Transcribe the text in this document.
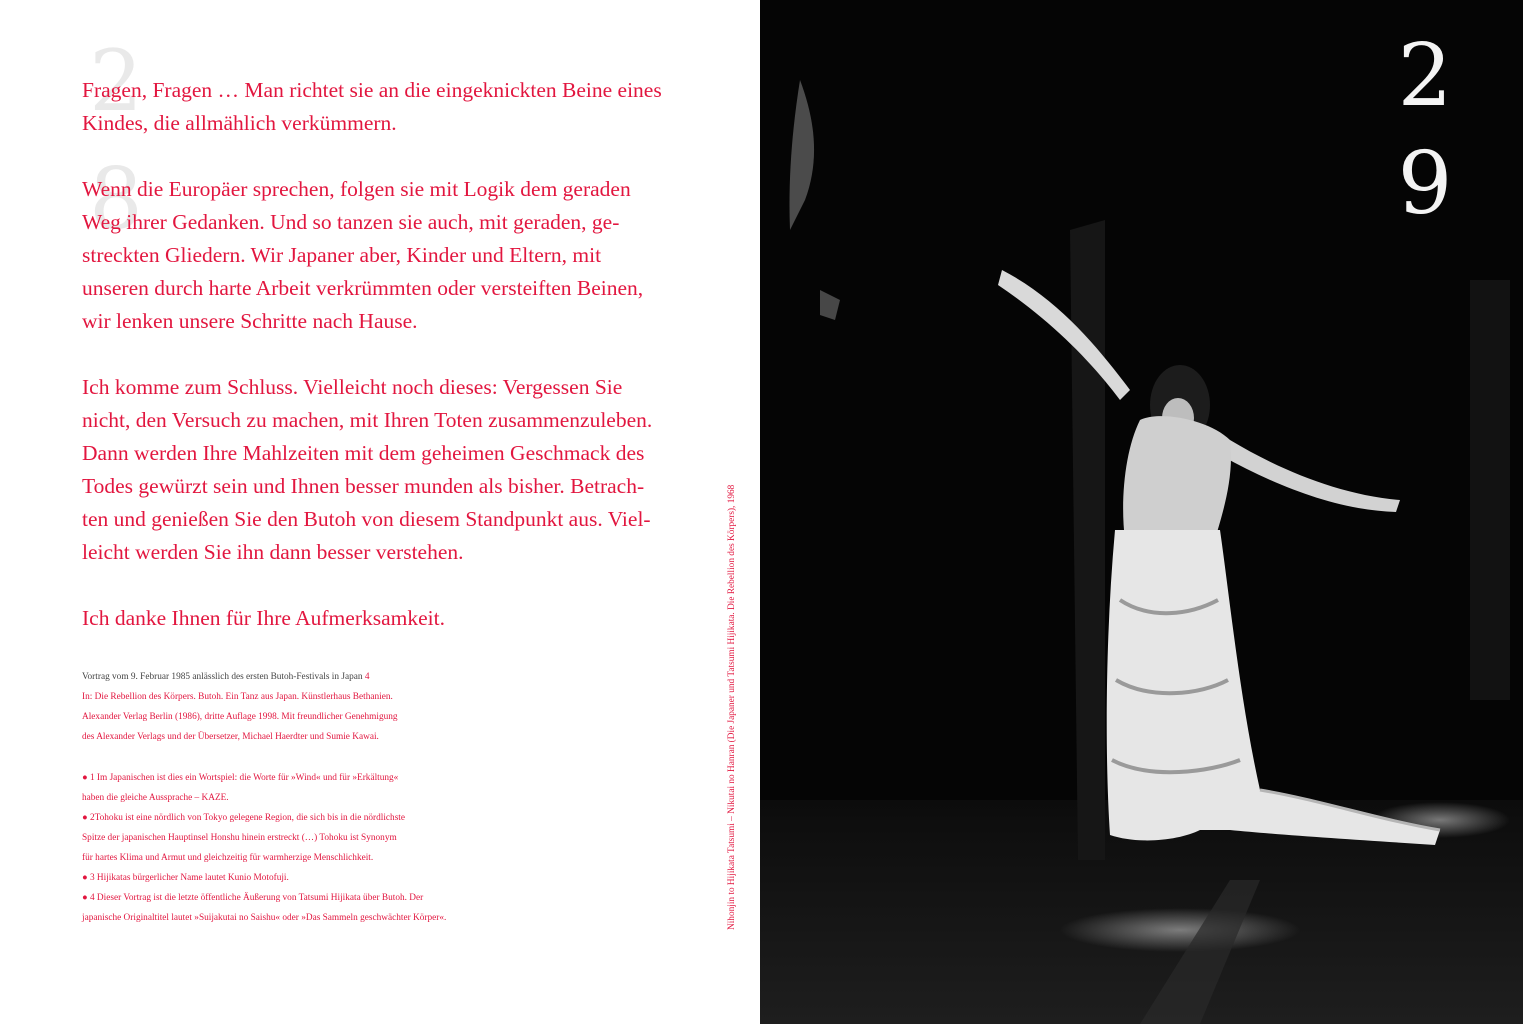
2
8

Fragen, Fragen … Man richtet sie an die eingeknickten Beine eines
Kindes, die allmählich verkümmern.

Wenn die Europäer sprechen, folgen sie mit Logik dem geraden
Weg ihrer Gedanken. Und so tanzen sie auch, mit geraden, ge-
streckten Gliedern. Wir Japaner aber, Kinder und Eltern, mit
unseren durch harte Arbeit verkrümmten oder versteiften Beinen,
wir lenken unsere Schritte nach Hause.

Ich komme zum Schluss. Vielleicht noch dieses: Vergessen Sie
nicht, den Versuch zu machen, mit Ihren Toten zusammenzuleben.
Dann werden Ihre Mahlzeiten mit dem geheimen Geschmack des
Todes gewürzt sein und Ihnen besser munden als bisher. Betrach-
ten und genießen Sie den Butoh von diesem Standpunkt aus. Viel-
leicht werden Sie ihn dann besser verstehen.

Ich danke Ihnen für Ihre Aufmerksamkeit.

Vortrag vom 9. Februar 1985 anlässlich des ersten Butoh-Festivals in Japan 4
In: Die Rebellion des Körpers. Butoh. Ein Tanz aus Japan. Künstlerhaus Bethanien.
Alexander Verlag Berlin (1986), dritte Auflage 1998. Mit freundlicher Genehmigung
des Alexander Verlags und der Übersetzer, Michael Haerdter und Sumie Kawai.
● 1 Im Japanischen ist dies ein Wortspiel: die Worte für »Wind« und für »Erkältung«
haben die gleiche Aussprache – KAZE.
● 2Tohoku ist eine nördlich von Tokyo gelegene Region, die sich bis in die nördlichste
Spitze der japanischen Hauptinsel Honshu hinein erstreckt (…) Tohoku ist Synonym
für hartes Klima und Armut und gleichzeitig für warmherzige Menschlichkeit.
● 3 Hijikatas bürgerlicher Name lautet Kunio Motofuji.
● 4 Dieser Vortrag ist die letzte öffentliche Äußerung von Tatsumi Hijikata über Butoh. Der
japanische Originaltitel lautet »Suijakutai no Saishu« oder »Das Sammeln geschwächter Körper«.	Nihonjin to Hijikata Tatsumi – Nikutai no Hanran (Die Japaner und Tatsumi Hijikata. Die Rebellion des Körpers), 1968
2
9
